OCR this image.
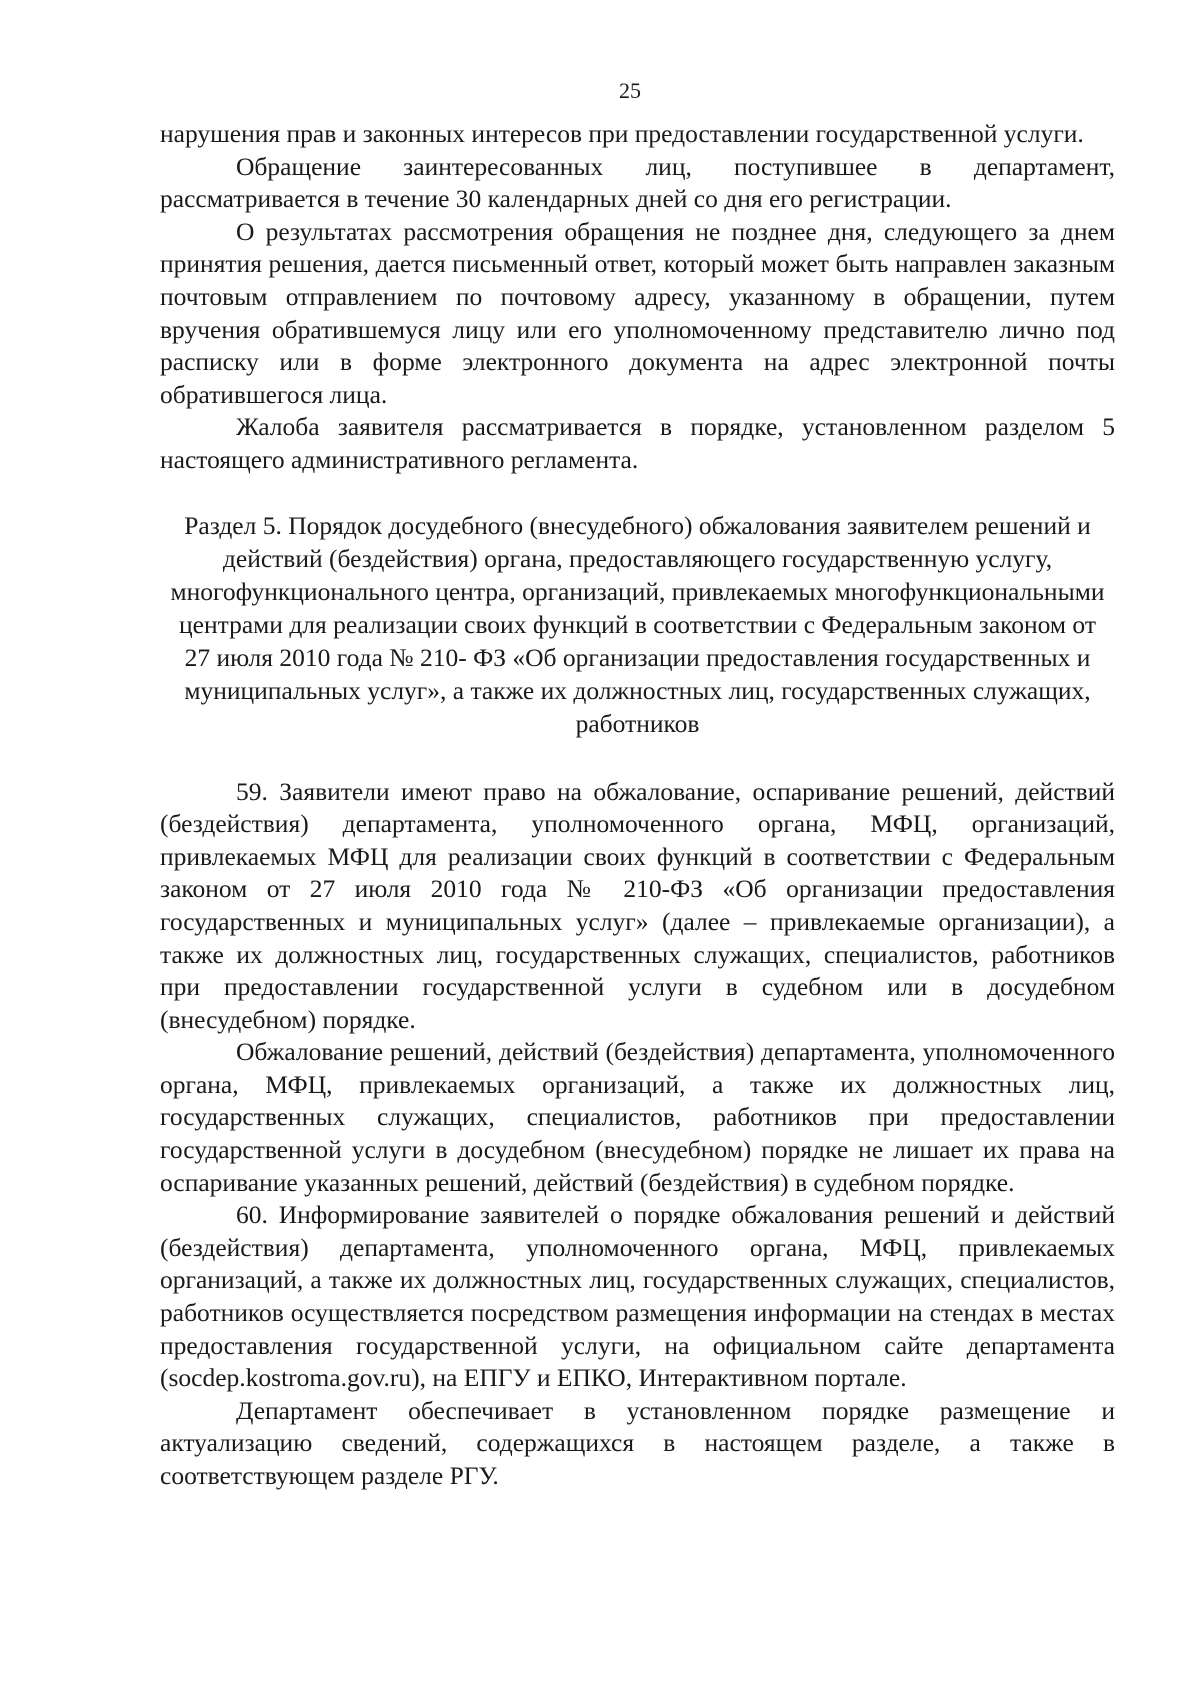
25

нарушения прав и законных интересов при предоставлении государственной услуги.

Обращение заинтересованных лиц, поступившее в департамент, рассматривается в течение 30 календарных дней со дня его регистрации.

О результатах рассмотрения обращения не позднее дня, следующего за днем принятия решения, дается письменный ответ, который может быть направлен заказным почтовым отправлением по почтовому адресу, указанному в обращении, путем вручения обратившемуся лицу или его уполномоченному представителю лично под расписку или в форме электронного документа на адрес электронной почты обратившегося лица.

Жалоба заявителя рассматривается в порядке, установленном разделом 5 настоящего административного регламента.

Раздел 5. Порядок досудебного (внесудебного) обжалования заявителем решений и действий (бездействия) органа, предоставляющего государственную услугу, многофункционального центра, организаций, привлекаемых многофункциональными центрами для реализации своих функций в соответствии с Федеральным законом от 27 июля 2010 года № 210- ФЗ «Об организации предоставления государственных и муниципальных услуг», а также их должностных лиц, государственных служащих, работников

59. Заявители имеют право на обжалование, оспаривание решений, действий (бездействия) департамента, уполномоченного органа, МФЦ, организаций, привлекаемых МФЦ для реализации своих функций в соответствии с Федеральным законом от 27 июля 2010 года № 210-ФЗ «Об организации предоставления государственных и муниципальных услуг» (далее – привлекаемые организации), а также их должностных лиц, государственных служащих, специалистов, работников при предоставлении государственной услуги в судебном или в досудебном (внесудебном) порядке.

Обжалование решений, действий (бездействия) департамента, уполномоченного органа, МФЦ, привлекаемых организаций, а также их должностных лиц, государственных служащих, специалистов, работников при предоставлении государственной услуги в досудебном (внесудебном) порядке не лишает их права на оспаривание указанных решений, действий (бездействия) в судебном порядке.

60. Информирование заявителей о порядке обжалования решений и действий (бездействия) департамента, уполномоченного органа, МФЦ, привлекаемых организаций, а также их должностных лиц, государственных служащих, специалистов, работников осуществляется посредством размещения информации на стендах в местах предоставления государственной услуги, на официальном сайте департамента (socdep.kostroma.gov.ru), на ЕПГУ и ЕПКО, Интерактивном портале.

Департамент обеспечивает в установленном порядке размещение и актуализацию сведений, содержащихся в настоящем разделе, а также в соответствующем разделе РГУ.
